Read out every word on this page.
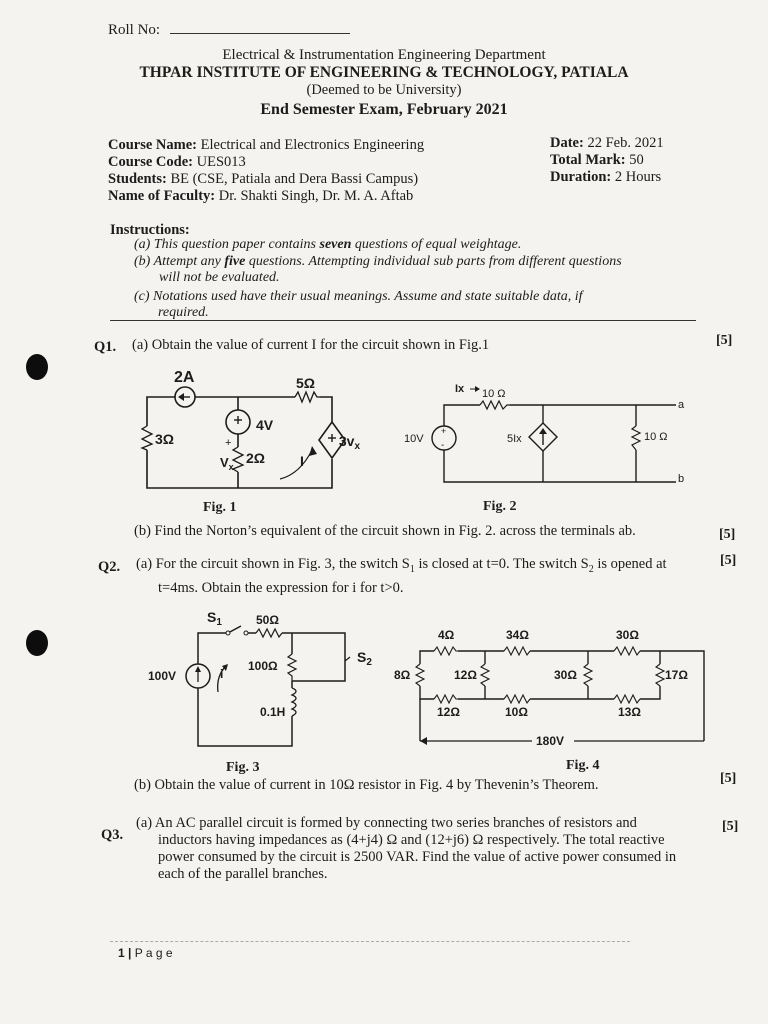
Roll No:
Electrical & Instrumentation Engineering Department
THPAR INSTITUTE OF ENGINEERING & TECHNOLOGY, PATIALA
(Deemed to be University)
End Semester Exam, February 2021
Course Name: Electrical and Electronics Engineering
Course Code: UES013
Students: BE (CSE, Patiala and Dera Bassi Campus)
Name of Faculty: Dr. Shakti Singh, Dr. M. A. Aftab
Date: 22 Feb. 2021
Total Mark: 50
Duration: 2 Hours
Instructions:
(a) This question paper contains seven questions of equal weightage.
(b) Attempt any five questions. Attempting individual sub parts from different questions
will not be evaluated.
(c) Notations used have their usual meanings. Assume and state suitable data, if
required.
Q1. (a) Obtain the value of current I for the circuit shown in Fig.1	[5]
2A	5Ω
3Ω
4V
+
$V_x$
2Ω I
$3v_x$
Fig. 1
+
-
Ix 10 Ω
a
10V	5Ix	10 Ω
b
Fig. 2
(b) Find the Norton’s equivalent of the circuit shown in Fig. 2. across the terminals ab.	[5]
Q2. (a) For the circuit shown in Fig. 3, the switch $S_1$ is closed at t=0. The switch $S_2$ is opened at
t=4ms. Obtain the expression for i for t>0.
[5]
$S_1$	50Ω
100V	i
100Ω
$S_2$
0.1H
Fig. 3
4Ω	34Ω	30Ω
8Ω	12Ω	30Ω	17Ω
12Ω	10Ω	13Ω
180V
Fig. 4
(b) Obtain the value of current in 10Ω resistor in Fig. 4 by Thevenin’s Theorem.	[5]
Q3.
(a) An AC parallel circuit is formed by connecting two series branches of resistors and
inductors having impedances as (4+j4) Ω and (12+j6) Ω respectively. The total reactive
power consumed by the circuit is 2500 VAR. Find the value of active power consumed in
each of the parallel branches.
[5]
1 | P a g e
